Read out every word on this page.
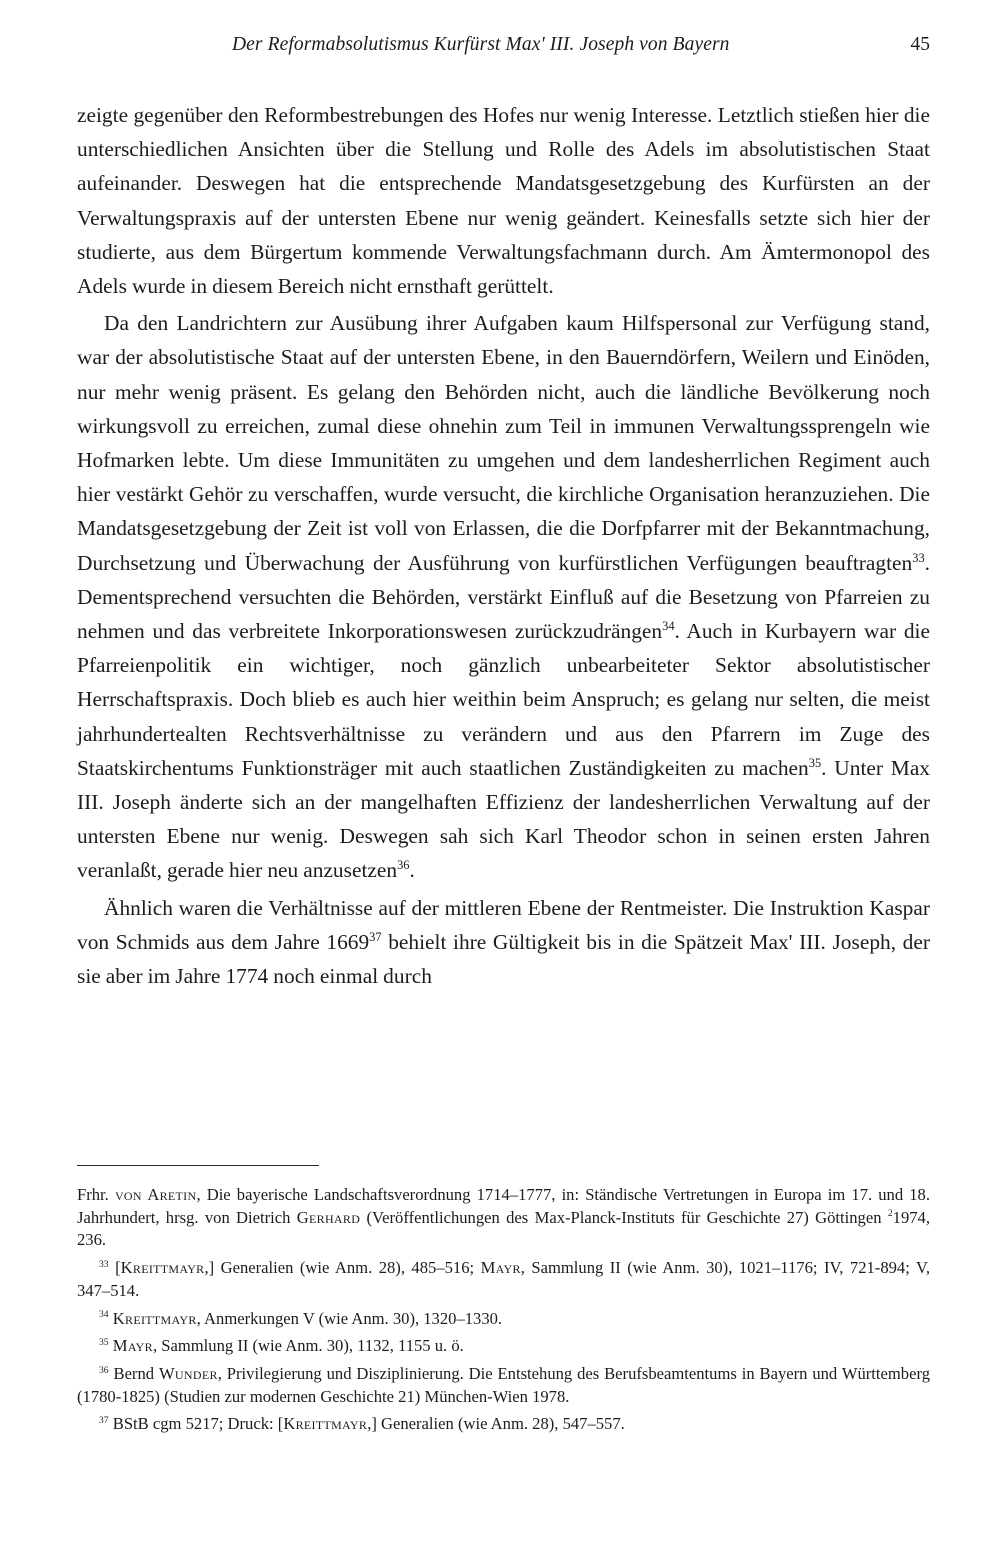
Der Reformabsolutismus Kurfürst Max' III. Joseph von Bayern	45

zeigte gegenüber den Reformbestrebungen des Hofes nur wenig Interesse. Letztlich stießen hier die unterschiedlichen Ansichten über die Stellung und Rolle des Adels im absolutistischen Staat aufeinander. Deswegen hat die entsprechende Mandatsgesetzgebung des Kurfürsten an der Verwaltungspraxis auf der untersten Ebene nur wenig geändert. Keinesfalls setzte sich hier der studierte, aus dem Bürgertum kommende Verwaltungsfachmann durch. Am Ämtermonopol des Adels wurde in diesem Bereich nicht ernsthaft gerüttelt.

Da den Landrichtern zur Ausübung ihrer Aufgaben kaum Hilfspersonal zur Verfügung stand, war der absolutistische Staat auf der untersten Ebene, in den Bauerndörfern, Weilern und Einöden, nur mehr wenig präsent. Es gelang den Behörden nicht, auch die ländliche Bevölkerung noch wirkungsvoll zu erreichen, zumal diese ohnehin zum Teil in immunen Verwaltungssprengeln wie Hofmarken lebte. Um diese Immunitäten zu umgehen und dem landesherrlichen Regiment auch hier vestärkt Gehör zu verschaffen, wurde versucht, die kirchliche Organisation heranzuziehen. Die Mandatsgesetzgebung der Zeit ist voll von Erlassen, die die Dorfpfarrer mit der Bekanntmachung, Durchsetzung und Überwachung der Ausführung von kurfürstlichen Verfügungen beauftragten$^{33}$. Dementsprechend versuchten die Behörden, verstärkt Einfluß auf die Besetzung von Pfarreien zu nehmen und das verbreitete Inkorporationswesen zurückzudrängen$^{34}$. Auch in Kurbayern war die Pfarreienpolitik ein wichtiger, noch gänzlich unbearbeiteter Sektor absolutistischer Herrschaftspraxis. Doch blieb es auch hier weithin beim Anspruch; es gelang nur selten, die meist jahrhundertealten Rechtsverhältnisse zu verändern und aus den Pfarrern im Zuge des Staatskirchentums Funktionsträger mit auch staatlichen Zuständigkeiten zu machen$^{35}$. Unter Max III. Joseph änderte sich an der mangelhaften Effizienz der landesherrlichen Verwaltung auf der untersten Ebene nur wenig. Deswegen sah sich Karl Theodor schon in seinen ersten Jahren veranlaßt, gerade hier neu anzusetzen$^{36}$.

Ähnlich waren die Verhältnisse auf der mittleren Ebene der Rentmeister. Die Instruktion Kaspar von Schmids aus dem Jahre 1669$^{37}$ behielt ihre Gültigkeit bis in die Spätzeit Max' III. Joseph, der sie aber im Jahre 1774 noch einmal durch

Frhr. von Aretin, Die bayerische Landschaftsverordnung 1714–1777, in: Ständische Vertretungen in Europa im 17. und 18. Jahrhundert, hrsg. von Dietrich Gerhard (Veröffentlichungen des Max-Planck-Instituts für Geschichte 27) Göttingen $^2$1974, 236.

$^{33}$ [Kreittmayr,] Generalien (wie Anm. 28), 485–516; Mayr, Sammlung II (wie Anm. 30), 1021–1176; IV, 721-894; V, 347–514.

$^{34}$ Kreittmayr, Anmerkungen V (wie Anm. 30), 1320–1330.

$^{35}$ Mayr, Sammlung II (wie Anm. 30), 1132, 1155 u. ö.

$^{36}$ Bernd Wunder, Privilegierung und Disziplinierung. Die Entstehung des Berufsbeamtentums in Bayern und Württemberg (1780-1825) (Studien zur modernen Geschichte 21) München-Wien 1978.

$^{37}$ BStB cgm 5217; Druck: [Kreittmayr,] Generalien (wie Anm. 28), 547–557.
